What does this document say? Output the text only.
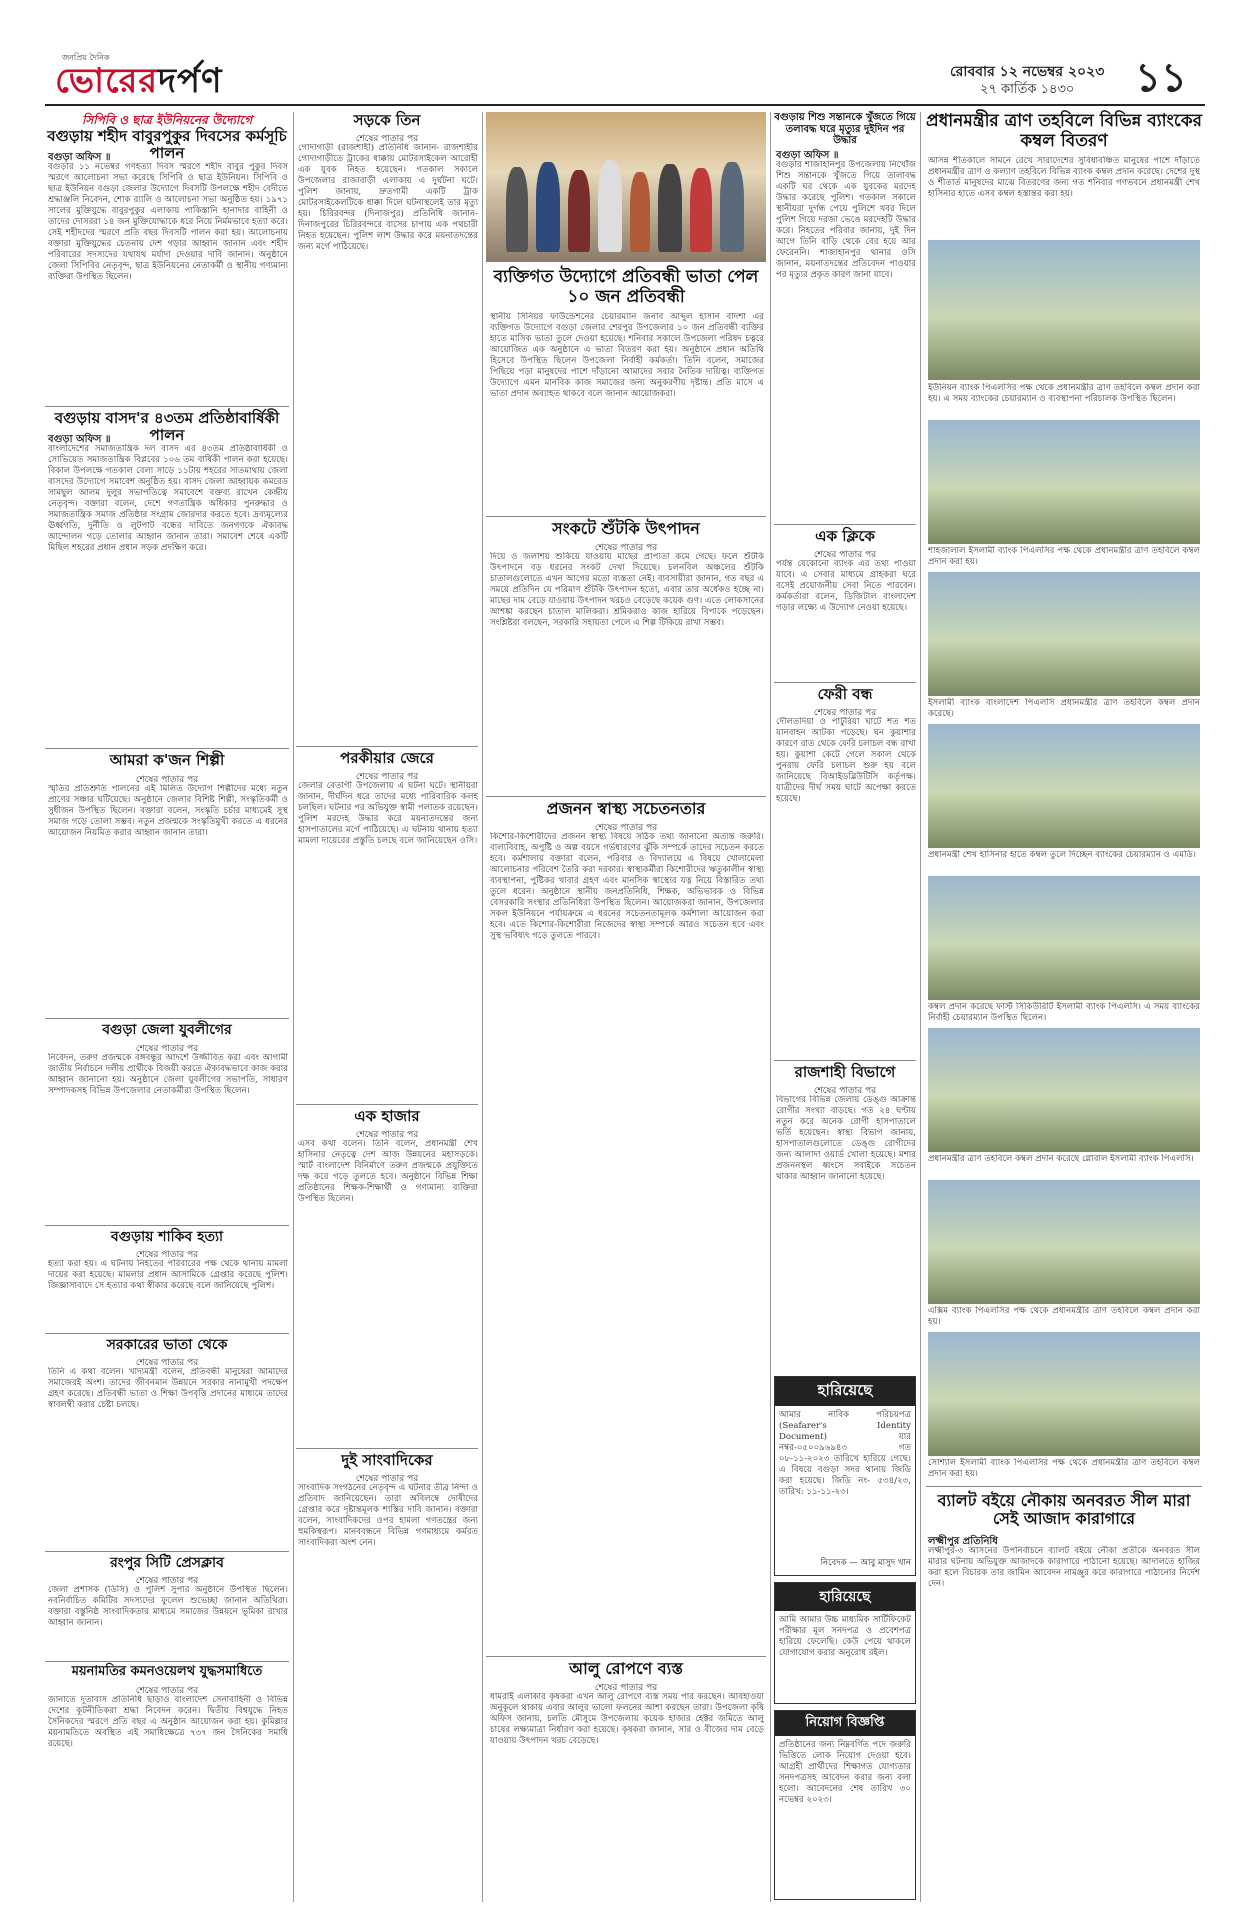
জনপ্রিয় দৈনিক
ভোরেরদর্পণ	রোববার ১২ নভেম্বর ২০২৩
২৭ কার্তিক ১৪৩০	১১
সিপিবি ও ছাত্র ইউনিয়নের উদ্যোগে
বগুড়ায় শহীদ বাবুরপুকুর দিবসের কর্মসূচি পালন
বগুড়া অফিস ॥
বগুড়ার ১১ নভেম্বর গণহত্যা দিবস স্মরণে শহীদ বাবুর পুকুর দিবস স্মরণে আলোচনা সভা করেছে সিপিবি ও ছাত্র ইউনিয়ন। সিপিবি ও ছাত্র ইউনিয়ন বগুড়া জেলার উদ্যোগে দিবসটি উপলক্ষে শহীদ বেদীতে শ্রদ্ধাঞ্জলি নিবেদন, শোক র‍্যালি ও আলোচনা সভা অনুষ্ঠিত হয়। ১৯৭১ সালের মুক্তিযুদ্ধে বাবুরপুকুর এলাকায় পাকিস্তানি হানাদার বাহিনী ও তাদের দোসররা ১৪ জন মুক্তিযোদ্ধাকে ধরে নিয়ে নির্মমভাবে হত্যা করে। সেই শহীদদের স্মরণে প্রতি বছর দিবসটি পালন করা হয়। আলোচনায় বক্তারা মুক্তিযুদ্ধের চেতনায় দেশ গড়ার আহ্বান জানান এবং শহীদ পরিবারের সদস্যদের যথাযথ মর্যাদা দেওয়ার দাবি জানান। অনুষ্ঠানে জেলা সিপিবির নেতৃবৃন্দ, ছাত্র ইউনিয়নের নেতাকর্মী ও স্থানীয় গণ্যমান্য ব্যক্তিরা উপস্থিত ছিলেন।
বগুড়ায় বাসদ'র ৪৩তম প্রতিষ্ঠাবার্ষিকী পালন
বগুড়া অফিস ॥
বাংলাদেশের সমাজতান্ত্রিক দল বাসদ এর ৪৩তম প্রতিষ্ঠাবার্ষিকী ও সোভিয়েত সমাজতান্ত্রিক বিপ্লবের ১০৬ তম বার্ষিকী পালন করা হয়েছে। বিকাল উপলক্ষে গতকাল বেলা সাড়ে ১১টায় শহরের সাতমাথায় জেলা বাসদের উদ্যোগে সমাবেশ অনুষ্ঠিত হয়। বাসদ জেলা আহ্বায়ক কমরেড সামছুল আলম দুলুর সভাপতিত্বে সমাবেশে বক্তব্য রাখেন কেন্দ্রীয় নেতৃবৃন্দ। বক্তারা বলেন, দেশে গণতান্ত্রিক অধিকার পুনরুদ্ধার ও সমাজতান্ত্রিক সমাজ প্রতিষ্ঠার সংগ্রাম জোরদার করতে হবে। দ্রব্যমূল্যের ঊর্ধ্বগতি, দুর্নীতি ও লুটপাট বন্ধের দাবিতে জনগণকে ঐক্যবদ্ধ আন্দোলন গড়ে তোলার আহ্বান জানান তারা। সমাবেশ শেষে একটি মিছিল শহরের প্রধান প্রধান সড়ক প্রদক্ষিণ করে।
আমরা ক'জন শিল্পী
শেষের পাতার পর
স্মৃতির প্রতিশ্রুতি পালনের এই মিলিত উদ্যোগ শিল্পীদের মধ্যে নতুন প্রাণের সঞ্চার ঘটিয়েছে। অনুষ্ঠানে জেলার বিশিষ্ট শিল্পী, সংস্কৃতিকর্মী ও সুধীজন উপস্থিত ছিলেন। বক্তারা বলেন, সংস্কৃতি চর্চার মাধ্যমেই সুস্থ সমাজ গড়ে তোলা সম্ভব। নতুন প্রজন্মকে সংস্কৃতিমুখী করতে এ ধরনের আয়োজন নিয়মিত করার আহ্বান জানান তারা।
বগুড়া জেলা যুবলীগের
শেষের পাতার পর
নিবেদন, তরুণ প্রজন্মকে বঙ্গবন্ধুর আদর্শে উজ্জীবিত করা এবং আগামী জাতীয় নির্বাচনে দলীয় প্রার্থীকে বিজয়ী করতে ঐক্যবদ্ধভাবে কাজ করার আহ্বান জানানো হয়। অনুষ্ঠানে জেলা যুবলীগের সভাপতি, সাধারণ সম্পাদকসহ বিভিন্ন উপজেলার নেতাকর্মীরা উপস্থিত ছিলেন।
বগুড়ায় শাকিব হত্যা
শেষের পাতার পর
হত্যা করা হয়। এ ঘটনায় নিহতের পরিবারের পক্ষ থেকে থানায় মামলা দায়ের করা হয়েছে। মামলার প্রধান আসামিকে গ্রেপ্তার করেছে পুলিশ। জিজ্ঞাসাবাদে সে হত্যার কথা স্বীকার করেছে বলে জানিয়েছে পুলিশ।
সরকারের ভাতা থেকে
শেষের পাতার পর
তিনি এ কথা বলেন। খাদ্যমন্ত্রী বলেন, প্রতিবন্ধী মানুষেরা আমাদের সমাজেরই অংশ। তাদের জীবনমান উন্নয়নে সরকার নানামুখী পদক্ষেপ গ্রহণ করেছে। প্রতিবন্ধী ভাতা ও শিক্ষা উপবৃত্তি প্রদানের মাধ্যমে তাদের স্বাবলম্বী করার চেষ্টা চলছে।
রংপুর সিটি প্রেসক্লাব
শেষের পাতার পর
জেলা প্রশাসক (ডিসি) ও পুলিশ সুপার অনুষ্ঠানে উপস্থিত ছিলেন। নবনির্বাচিত কমিটির সদস্যদের ফুলেল শুভেচ্ছা জানান অতিথিরা। বক্তারা বস্তুনিষ্ঠ সাংবাদিকতার মাধ্যমে সমাজের উন্নয়নে ভূমিকা রাখার আহ্বান জানান।
ময়নামতির কমনওয়েলথ যুদ্ধসমাধিতে
শেষের পাতার পর
জানাতে দূতাবাস প্রতিনিধি ছাড়াও বাংলাদেশ সেনাবাহিনী ও বিভিন্ন দেশের কূটনীতিকরা শ্রদ্ধা নিবেদন করেন। দ্বিতীয় বিশ্বযুদ্ধে নিহত সৈনিকদের স্মরণে প্রতি বছর এ অনুষ্ঠান আয়োজন করা হয়। কুমিল্লার ময়নামতিতে অবস্থিত এই সমাধিক্ষেত্রে ৭৩৭ জন সৈনিকের সমাধি রয়েছে।
সড়কে তিন
শেষের পাতার পর
গোদাগাড়ী (রাজশাহী) প্রতিনিধি জানান- রাজশাহীর গোদাগাড়ীতে ট্রাকের ধাক্কায় মোটরসাইকেল আরোহী এক যুবক নিহত হয়েছেন। গতকাল সকালে উপজেলার রাজাবাড়ী এলাকায় এ দুর্ঘটনা ঘটে। পুলিশ জানায়, দ্রুতগামী একটি ট্রাক মোটরসাইকেলটিকে ধাক্কা দিলে ঘটনাস্থলেই তার মৃত্যু হয়। চিরিরবন্দর (দিনাজপুর) প্রতিনিধি জানান- দিনাজপুরের চিরিরবন্দরে বাসের চাপায় এক পথচারী নিহত হয়েছেন। পুলিশ লাশ উদ্ধার করে ময়নাতদন্তের জন্য মর্গে পাঠিয়েছে।
পরকীয়ার জেরে
শেষের পাতার পর
জেলার বেতাগী উপজেলায় এ ঘটনা ঘটে। স্থানীয়রা জানান, দীর্ঘদিন ধরে তাদের মধ্যে পারিবারিক কলহ চলছিল। ঘটনার পর অভিযুক্ত স্বামী পলাতক রয়েছেন। পুলিশ মরদেহ উদ্ধার করে ময়নাতদন্তের জন্য হাসপাতালের মর্গে পাঠিয়েছে। এ ঘটনায় থানায় হত্যা মামলা দায়েরের প্রস্তুতি চলছে বলে জানিয়েছেন ওসি।
এক হাজার
শেষের পাতার পর
এসব কথা বলেন। তিনি বলেন, প্রধানমন্ত্রী শেখ হাসিনার নেতৃত্বে দেশ আজ উন্নয়নের মহাসড়কে। স্মার্ট বাংলাদেশ বিনির্মাণে তরুণ প্রজন্মকে প্রযুক্তিতে দক্ষ করে গড়ে তুলতে হবে। অনুষ্ঠানে বিভিন্ন শিক্ষা প্রতিষ্ঠানের শিক্ষক-শিক্ষার্থী ও গণ্যমান্য ব্যক্তিরা উপস্থিত ছিলেন।
দুই সাংবাদিকের
শেষের পাতার পর
সাংবাদিক সংগঠনের নেতৃবৃন্দ এ ঘটনার তীব্র নিন্দা ও প্রতিবাদ জানিয়েছেন। তারা অবিলম্বে দোষীদের গ্রেপ্তার করে দৃষ্টান্তমূলক শাস্তির দাবি জানান। বক্তারা বলেন, সাংবাদিকদের ওপর হামলা গণতন্ত্রের জন্য হুমকিস্বরূপ। মানববন্ধনে বিভিন্ন গণমাধ্যমে কর্মরত সাংবাদিকরা অংশ নেন।
ব্যক্তিগত উদ্যোগে প্রতিবন্ধী ভাতা পেল ১০ জন প্রতিবন্ধী
স্থানীয় সিনিয়র ফাউন্ডেশনের চেয়ারম্যান জনাব আব্দুল হাসান বাদশা এর ব্যক্তিগত উদ্যোগে বগুড়া জেলার শেরপুর উপজেলার ১০ জন প্রতিবন্ধী ব্যক্তির হাতে মাসিক ভাতা তুলে দেওয়া হয়েছে। শনিবার সকালে উপজেলা পরিষদ চত্বরে আয়োজিত এক অনুষ্ঠানে এ ভাতা বিতরণ করা হয়। অনুষ্ঠানে প্রধান অতিথি হিসেবে উপস্থিত ছিলেন উপজেলা নির্বাহী কর্মকর্তা। তিনি বলেন, সমাজের পিছিয়ে পড়া মানুষদের পাশে দাঁড়ানো আমাদের সবার নৈতিক দায়িত্ব। ব্যক্তিগত উদ্যোগে এমন মানবিক কাজ সমাজের জন্য অনুকরণীয় দৃষ্টান্ত। প্রতি মাসে এ ভাতা প্রদান অব্যাহত থাকবে বলে জানান আয়োজকরা।
সংকটে শুঁটকি উৎপাদন
শেষের পাতার পর
দিয়ে ও জলাশয় শুকিয়ে যাওয়ায় মাছের প্রাপ্যতা কমে গেছে। ফলে শুঁটকি উৎপাদনে বড় ধরনের সংকট দেখা দিয়েছে। চলনবিল অঞ্চলের শুঁটকি চাতালগুলোতে এখন আগের মতো ব্যস্ততা নেই। ব্যবসায়ীরা জানান, গত বছর এ সময়ে প্রতিদিন যে পরিমাণ শুঁটকি উৎপাদন হতো, এবার তার অর্ধেকও হচ্ছে না। মাছের দাম বেড়ে যাওয়ায় উৎপাদন খরচও বেড়েছে কয়েক গুণ। এতে লোকসানের আশঙ্কা করছেন চাতাল মালিকরা। শ্রমিকরাও কাজ হারিয়ে বিপাকে পড়েছেন। সংশ্লিষ্টরা বলছেন, সরকারি সহায়তা পেলে এ শিল্প টিকিয়ে রাখা সম্ভব।
প্রজনন স্বাস্থ্য সচেতনতার
শেষের পাতার পর
কিশোর-কিশোরীদের প্রজনন স্বাস্থ্য বিষয়ে সঠিক তথ্য জানানো অত্যন্ত জরুরি। বাল্যবিবাহ, অপুষ্টি ও অল্প বয়সে গর্ভধারণের ঝুঁকি সম্পর্কে তাদের সচেতন করতে হবে। কর্মশালায় বক্তারা বলেন, পরিবার ও বিদ্যালয়ে এ বিষয়ে খোলামেলা আলোচনার পরিবেশ তৈরি করা দরকার। স্বাস্থ্যকর্মীরা কিশোরীদের ঋতুকালীন স্বাস্থ্য ব্যবস্থাপনা, পুষ্টিকর খাবার গ্রহণ এবং মানসিক স্বাস্থ্যের যত্ন নিয়ে বিস্তারিত তথ্য তুলে ধরেন। অনুষ্ঠানে স্থানীয় জনপ্রতিনিধি, শিক্ষক, অভিভাবক ও বিভিন্ন বেসরকারি সংস্থার প্রতিনিধিরা উপস্থিত ছিলেন। আয়োজকরা জানান, উপজেলার সকল ইউনিয়নে পর্যায়ক্রমে এ ধরনের সচেতনতামূলক কর্মশালা আয়োজন করা হবে। এতে কিশোর-কিশোরীরা নিজেদের স্বাস্থ্য সম্পর্কে আরও সচেতন হবে এবং সুস্থ ভবিষ্যৎ গড়ে তুলতে পারবে।
আলু রোপণে ব্যস্ত
শেষের পাতার পর
ধামরাই এলাকার কৃষকরা এখন আলু রোপণে ব্যস্ত সময় পার করছেন। আবহাওয়া অনুকূলে থাকায় এবার আলুর ভালো ফলনের আশা করছেন তারা। উপজেলা কৃষি অফিস জানায়, চলতি মৌসুমে উপজেলায় কয়েক হাজার হেক্টর জমিতে আলু চাষের লক্ষ্যমাত্রা নির্ধারণ করা হয়েছে। কৃষকরা জানান, সার ও বীজের দাম বেড়ে যাওয়ায় উৎপাদন খরচ বেড়েছে।
বগুড়ায় শিশু সন্তানকে খুঁজতে গিয়ে তলাবদ্ধ ঘরে মৃত্যুর দুইদিন পর উদ্ধার
বগুড়া অফিস ॥
বগুড়ার শাজাহানপুর উপজেলায় নিখোঁজ শিশু সন্তানকে খুঁজতে গিয়ে তালাবদ্ধ একটি ঘর থেকে এক যুবকের মরদেহ উদ্ধার করেছে পুলিশ। গতকাল সকালে স্থানীয়রা দুর্গন্ধ পেয়ে পুলিশে খবর দিলে পুলিশ গিয়ে দরজা ভেঙে মরদেহটি উদ্ধার করে। নিহতের পরিবার জানায়, দুই দিন আগে তিনি বাড়ি থেকে বের হয়ে আর ফেরেননি। শাজাহানপুর থানার ওসি জানান, ময়নাতদন্তের প্রতিবেদন পাওয়ার পর মৃত্যুর প্রকৃত কারণ জানা যাবে।
এক ক্লিকে
শেষের পাতার পর
পর্যন্ত যেকোনো ব্যাংক এর তথ্য পাওয়া যাবে। এ সেবার মাধ্যমে গ্রাহকরা ঘরে বসেই প্রয়োজনীয় সেবা নিতে পারবেন। কর্মকর্তারা বলেন, ডিজিটাল বাংলাদেশ গড়ার লক্ষ্যে এ উদ্যোগ নেওয়া হয়েছে।
ফেরী বন্ধ
শেষের পাতার পর
দৌলতদিয়া ও পাটুরিয়া ঘাটে শত শত যানবাহন আটকা পড়েছে। ঘন কুয়াশার কারণে রাত থেকে ফেরি চলাচল বন্ধ রাখা হয়। কুয়াশা কেটে গেলে সকাল থেকে পুনরায় ফেরি চলাচল শুরু হয় বলে জানিয়েছে বিআইডব্লিউটিসি কর্তৃপক্ষ। যাত্রীদের দীর্ঘ সময় ঘাটে অপেক্ষা করতে হয়েছে।
রাজশাহী বিভাগে
শেষের পাতার পর
বিভাগের বিভিন্ন জেলায় ডেঙ্গু আক্রান্ত রোগীর সংখ্যা বাড়ছে। গত ২৪ ঘণ্টায় নতুন করে অনেক রোগী হাসপাতালে ভর্তি হয়েছেন। স্বাস্থ্য বিভাগ জানায়, হাসপাতালগুলোতে ডেঙ্গু রোগীদের জন্য আলাদা ওয়ার্ড খোলা হয়েছে। মশার প্রজননস্থল ধ্বংসে সবাইকে সচেতন থাকার আহ্বান জানানো হয়েছে।
হারিয়েছে
আমার নাবিক পরিচয়পত্র (Seafarer's Identity Document) যার নম্বর-০৫০০৯৬৯৪৩ গত ০৮-১১-২০২৩ তারিখে হারিয়ে গেছে। এ বিষয়ে বগুড়া সদর থানায় জিডি করা হয়েছে। জিডি নং- ৫৩৪/২৩, তারিখ: ১১-১১-২৩।
নিবেদক — আবু মাসুদ খান
হারিয়েছে
আমি আমার উচ্চ মাধ্যমিক সার্টিফিকেট পরীক্ষার মূল সনদপত্র ও প্রবেশপত্র হারিয়ে ফেলেছি। কেউ পেয়ে থাকলে যোগাযোগ করার অনুরোধ রইল।
নিয়োগ বিজ্ঞপ্তি
প্রতিষ্ঠানের জন্য নিম্নবর্ণিত পদে জরুরি ভিত্তিতে লোক নিয়োগ দেওয়া হবে। আগ্রহী প্রার্থীদের শিক্ষাগত যোগ্যতার সনদপত্রসহ আবেদন করার জন্য বলা হলো। আবেদনের শেষ তারিখ ৩০ নভেম্বর ২০২৩।
প্রধানমন্ত্রীর ত্রাণ তহবিলে বিভিন্ন ব্যাংকের কম্বল বিতরণ
আসন্ন শীতকালে সামনে রেখে সারাদেশের সুবিধাবঞ্চিত মানুষের পাশে দাঁড়াতে প্রধানমন্ত্রীর ত্রাণ ও কল্যাণ তহবিলে বিভিন্ন ব্যাংক কম্বল প্রদান করেছে। দেশের দুস্থ ও শীতার্ত মানুষদের মাঝে বিতরণের জন্য গত শনিবার গণভবনে প্রধানমন্ত্রী শেখ হাসিনার হাতে এসব কম্বল হস্তান্তর করা হয়।
ইউনিয়ন ব্যাংক পিএলসির পক্ষ থেকে প্রধানমন্ত্রীর ত্রাণ তহবিলে কম্বল প্রদান করা হয়। এ সময় ব্যাংকের চেয়ারম্যান ও ব্যবস্থাপনা পরিচালক উপস্থিত ছিলেন।
শাহজালাল ইসলামী ব্যাংক পিএলসির পক্ষ থেকে প্রধানমন্ত্রীর ত্রাণ তহবিলে কম্বল প্রদান করা হয়।
ইসলামী ব্যাংক বাংলাদেশ পিএলসি প্রধানমন্ত্রীর ত্রাণ তহবিলে কম্বল প্রদান করেছে।
প্রধানমন্ত্রী শেখ হাসিনার হাতে কম্বল তুলে দিচ্ছেন ব্যাংকের চেয়ারম্যান ও এমডি।
কম্বল প্রদান করেছে ফার্স্ট সিকিউরিটি ইসলামী ব্যাংক পিএলসি। এ সময় ব্যাংকের নির্বাহী চেয়ারম্যান উপস্থিত ছিলেন।
প্রধানমন্ত্রীর ত্রাণ তহবিলে কম্বল প্রদান করেছে গ্লোবাল ইসলামী ব্যাংক পিএলসি।
এক্সিম ব্যাংক পিএলসির পক্ষ থেকে প্রধানমন্ত্রীর ত্রাণ তহবিলে কম্বল প্রদান করা হয়।
সোশ্যাল ইসলামী ব্যাংক পিএলসির পক্ষ থেকে প্রধানমন্ত্রীর ত্রাণ তহবিলে কম্বল প্রদান করা হয়।
ব্যালট বইয়ে নৌকায় অনবরত সীল মারা সেই আজাদ কারাগারে
লক্ষ্মীপুর প্রতিনিধি
লক্ষ্মীপুর-৩ আসনের উপনির্বাচনে ব্যালট বইয়ে নৌকা প্রতীকে অনবরত সীল মারার ঘটনায় অভিযুক্ত আজাদকে কারাগারে পাঠানো হয়েছে। আদালতে হাজির করা হলে বিচারক তার জামিন আবেদন নামঞ্জুর করে কারাগারে পাঠানোর নির্দেশ দেন।
